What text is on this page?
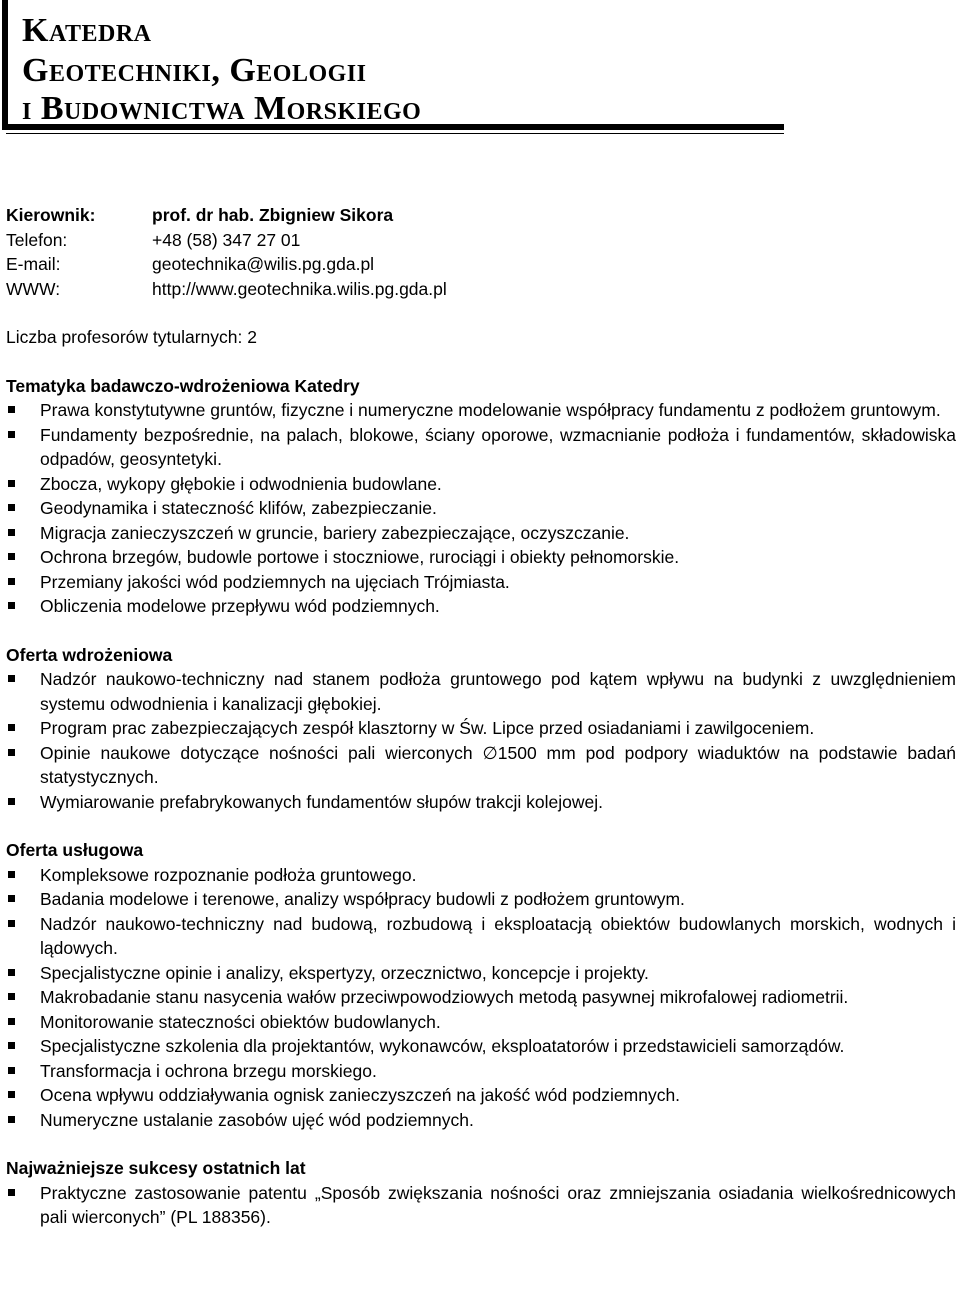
Katedra
Geotechniki, Geologii
i Budownictwa Morskiego
Kierownik:	prof. dr hab. Zbigniew Sikora
Telefon:	+48 (58) 347 27 01
E-mail:	geotechnika@wilis.pg.gda.pl
WWW:	http://www.geotechnika.wilis.pg.gda.pl

Liczba profesorów tytularnych: 2

Tematyka badawczo-wdrożeniowa Katedry
Prawa konstytutywne gruntów, fizyczne i numeryczne modelowanie współpracy fundamentu z podłożem gruntowym.
Fundamenty bezpośrednie, na palach, blokowe, ściany oporowe, wzmacnianie podłoża i fundamentów, składowiska odpadów, geosyntetyki.
Zbocza, wykopy głębokie i odwodnienia budowlane.
Geodynamika i stateczność klifów, zabezpieczanie.
Migracja zanieczyszczeń w gruncie, bariery zabezpieczające, oczyszczanie.
Ochrona brzegów, budowle portowe i stoczniowe, rurociągi i obiekty pełnomorskie.
Przemiany jakości wód podziemnych na ujęciach Trójmiasta.
Obliczenia modelowe przepływu wód podziemnych.
Oferta wdrożeniowa
Nadzór naukowo-techniczny nad stanem podłoża gruntowego pod kątem wpływu na budynki z uwzględnieniem systemu odwodnienia i kanalizacji głębokiej.
Program prac zabezpieczających zespół klasztorny w Św. Lipce przed osiadaniami i zawilgoceniem.
Opinie naukowe dotyczące nośności pali wierconych ∅1500 mm pod podpory wiaduktów na podstawie badań statystycznych.
Wymiarowanie prefabrykowanych fundamentów słupów trakcji kolejowej.
Oferta usługowa
Kompleksowe rozpoznanie podłoża gruntowego.
Badania modelowe i terenowe, analizy współpracy budowli z podłożem gruntowym.
Nadzór naukowo-techniczny nad budową, rozbudową i eksploatacją obiektów budowlanych morskich, wodnych i lądowych.
Specjalistyczne opinie i analizy, ekspertyzy, orzecznictwo, koncepcje i projekty.
Makrobadanie stanu nasycenia wałów przeciwpowodziowych metodą pasywnej mikrofalowej radiometrii.
Monitorowanie stateczności obiektów budowlanych.
Specjalistyczne szkolenia dla projektantów, wykonawców, eksploatatorów i przedstawicieli samorządów.
Transformacja i ochrona brzegu morskiego.
Ocena wpływu oddziaływania ognisk zanieczyszczeń na jakość wód podziemnych.
Numeryczne ustalanie zasobów ujęć wód podziemnych.
Najważniejsze sukcesy ostatnich lat
Praktyczne zastosowanie patentu „Sposób zwiększania nośności oraz zmniejszania osiadania wielkośrednicowych pali wierconych” (PL 188356).
